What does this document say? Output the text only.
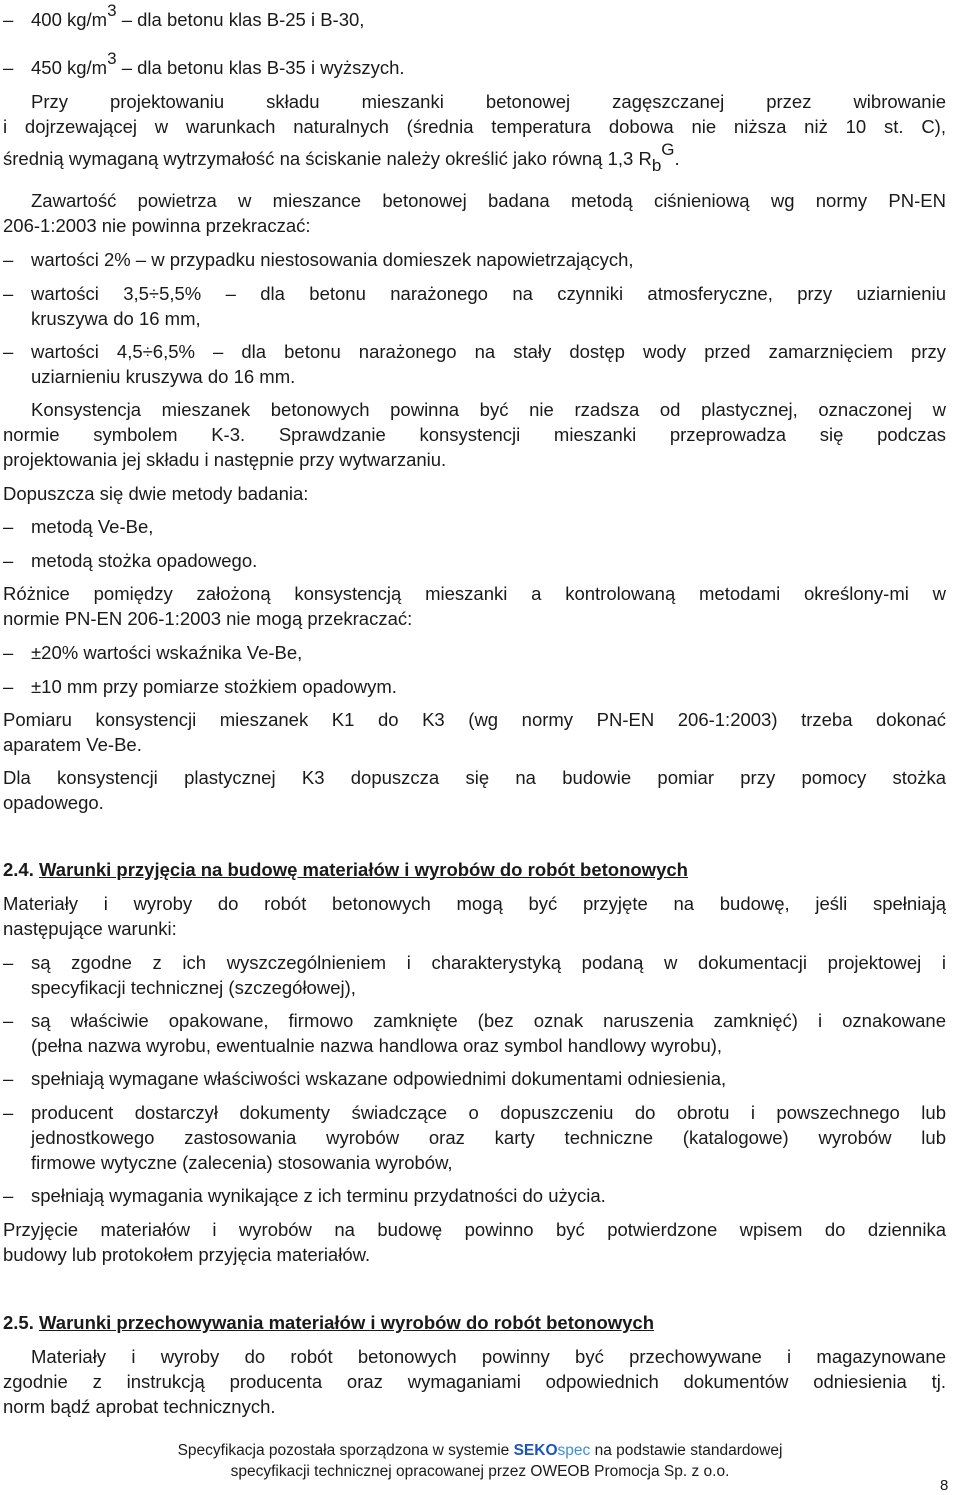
– 400 kg/m3 – dla betonu klas B-25 i B-30,
– 450 kg/m3 – dla betonu klas B-35 i wyższych.
Przy projektowaniu składu mieszanki betonowej zagęszczanej przez wibrowanie
i dojrzewającej w warunkach naturalnych (średnia temperatura dobowa nie niższa niż 10 st. C),
średnią wymaganą wytrzymałość na ściskanie należy określić jako równą 1,3 RbG.
Zawartość powietrza w mieszance betonowej badana metodą ciśnieniową wg normy PN-EN
206-1:2003 nie powinna przekraczać:
– wartości 2% – w przypadku niestosowania domieszek napowietrzających,
– wartości 3,5÷5,5% – dla betonu narażonego na czynniki atmosferyczne, przy uziarnieniu
kruszywa do 16 mm,
– wartości 4,5÷6,5% – dla betonu narażonego na stały dostęp wody przed zamarznięciem przy
uziarnieniu kruszywa do 16 mm.
Konsystencja mieszanek betonowych powinna być nie rzadsza od plastycznej, oznaczonej w
normie symbolem K-3. Sprawdzanie konsystencji mieszanki przeprowadza się podczas
projektowania jej składu i następnie przy wytwarzaniu.
Dopuszcza się dwie metody badania:
– metodą Ve-Be,
– metodą stożka opadowego.
Różnice pomiędzy założoną konsystencją mieszanki a kontrolowaną metodami określony-mi w
normie PN-EN 206-1:2003 nie mogą przekraczać:
– ±20% wartości wskaźnika Ve-Be,
– ±10 mm przy pomiarze stożkiem opadowym.
Pomiaru konsystencji mieszanek K1 do K3 (wg normy PN-EN 206-1:2003) trzeba dokonać
aparatem Ve-Be.
Dla konsystencji plastycznej K3 dopuszcza się na budowie pomiar przy pomocy stożka
opadowego.
2.4. Warunki przyjęcia na budowę materiałów i wyrobów do robót betonowych
Materiały i wyroby do robót betonowych mogą być przyjęte na budowę, jeśli spełniają
następujące warunki:
– są zgodne z ich wyszczególnieniem i charakterystyką podaną w dokumentacji projektowej i
specyfikacji technicznej (szczegółowej),
– są właściwie opakowane, firmowo zamknięte (bez oznak naruszenia zamknięć) i oznakowane
(pełna nazwa wyrobu, ewentualnie nazwa handlowa oraz symbol handlowy wyrobu),
– spełniają wymagane właściwości wskazane odpowiednimi dokumentami odniesienia,
– producent dostarczył dokumenty świadczące o dopuszczeniu do obrotu i powszechnego lub
jednostkowego zastosowania wyrobów oraz karty techniczne (katalogowe) wyrobów lub
firmowe wytyczne (zalecenia) stosowania wyrobów,
– spełniają wymagania wynikające z ich terminu przydatności do użycia.
Przyjęcie materiałów i wyrobów na budowę powinno być potwierdzone wpisem do dziennika
budowy lub protokołem przyjęcia materiałów.
2.5. Warunki przechowywania materiałów i wyrobów do robót betonowych
Materiały i wyroby do robót betonowych powinny być przechowywane i magazynowane
zgodnie z instrukcją producenta oraz wymaganiami odpowiednich dokumentów odniesienia tj.
norm bądź aprobat technicznych.
Specyfikacja pozostała sporządzona w systemie SEKOspec na podstawie standardowej
specyfikacji technicznej opracowanej przez OWEOB Promocja Sp. z o.o.
8
